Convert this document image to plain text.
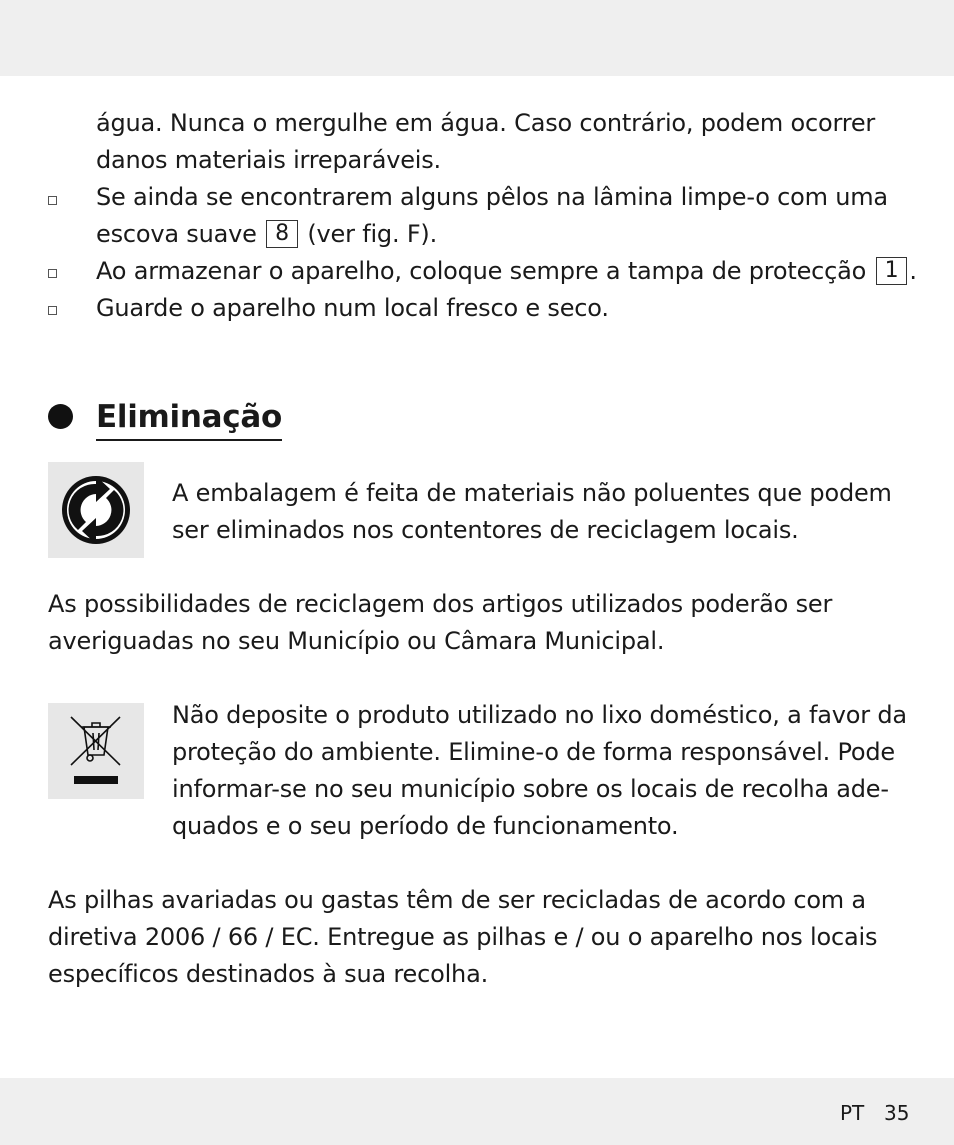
água. Nunca o mergulhe em água. Caso contrário, podem ocorrer
danos materiais irreparáveis.
Se ainda se encontrarem alguns pêlos na lâmina limpe-o com uma
escova suave 8 (ver fig. F).
Ao armazenar o aparelho, coloque sempre a tampa de protecção 1 .
Guarde o aparelho num local fresco e seco.
Eliminação
A embalagem é feita de materiais não poluentes que podem
ser eliminados nos contentores de reciclagem locais.
As possibilidades de reciclagem dos artigos utilizados poderão ser
averiguadas no seu Município ou Câmara Municipal.
Não deposite o produto utilizado no lixo doméstico, a favor da
proteção do ambiente. Elimine-o de forma responsável. Pode
informar-se no seu município sobre os locais de recolha ade-
quados e o seu período de funcionamento.
As pilhas avariadas ou gastas têm de ser recicladas de acordo com a
diretiva 2006 / 66 / EC. Entregue as pilhas e / ou o aparelho nos locais
específicos destinados à sua recolha.
PT 35
